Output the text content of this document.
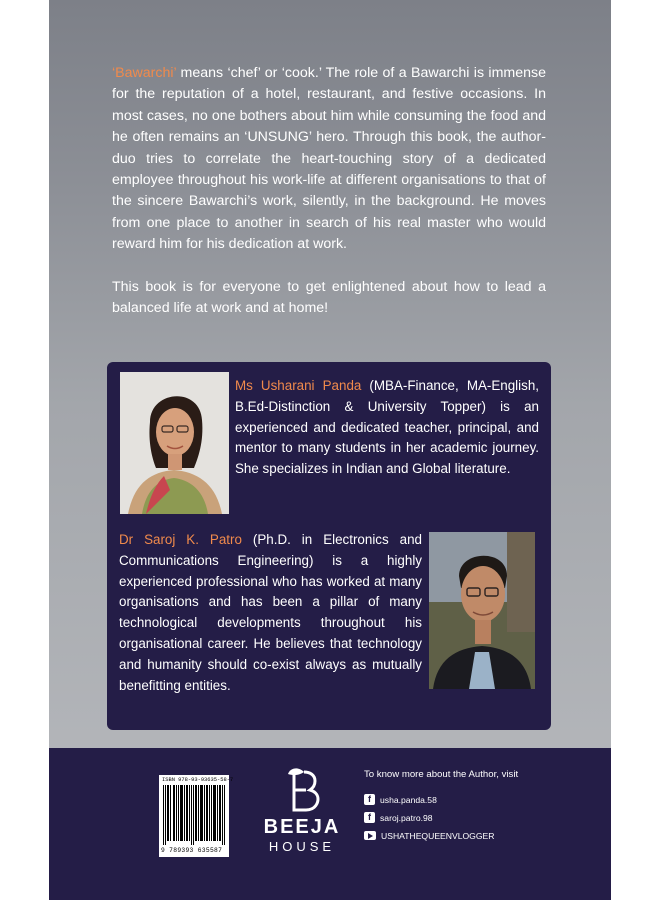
‘Bawarchi’ means ‘chef’ or ‘cook.’ The role of a Bawarchi is immense for the reputation of a hotel, restaurant, and festive occasions. In most cases, no one bothers about him while consuming the food and he often remains an ‘UNSUNG’ hero. Through this book, the author-duo tries to correlate the heart-touching story of a dedicated employee throughout his work-life at different organisations to that of the sincere Bawarchi’s work, silently, in the background. He moves from one place to another in search of his real master who would reward him for his dedication at work.

This book is for everyone to get enlightened about how to lead a balanced life at work and at home!

Ms Usharani Panda (MBA-Finance, MA-English, B.Ed-Distinction & University Topper) is an experienced and dedicated teacher, principal, and mentor to many students in her academic journey. She specializes in Indian and Global literature.
Dr Saroj K. Patro (Ph.D. in Electronics and Communications Engineering) is a highly experienced professional who has worked at many organisations and has been a pillar of many technological developments throughout his organisational career. He believes that technology and humanity should co-exist always as mutually benefitting entities.
ISBN 978-93-93635-58-7
9 789393 635587
BEEJA
HOUSE
To know more about the Author, visit
f	usha.panda.58
f	saroj.patro.98
USHATHEQUEENVLOGGER
